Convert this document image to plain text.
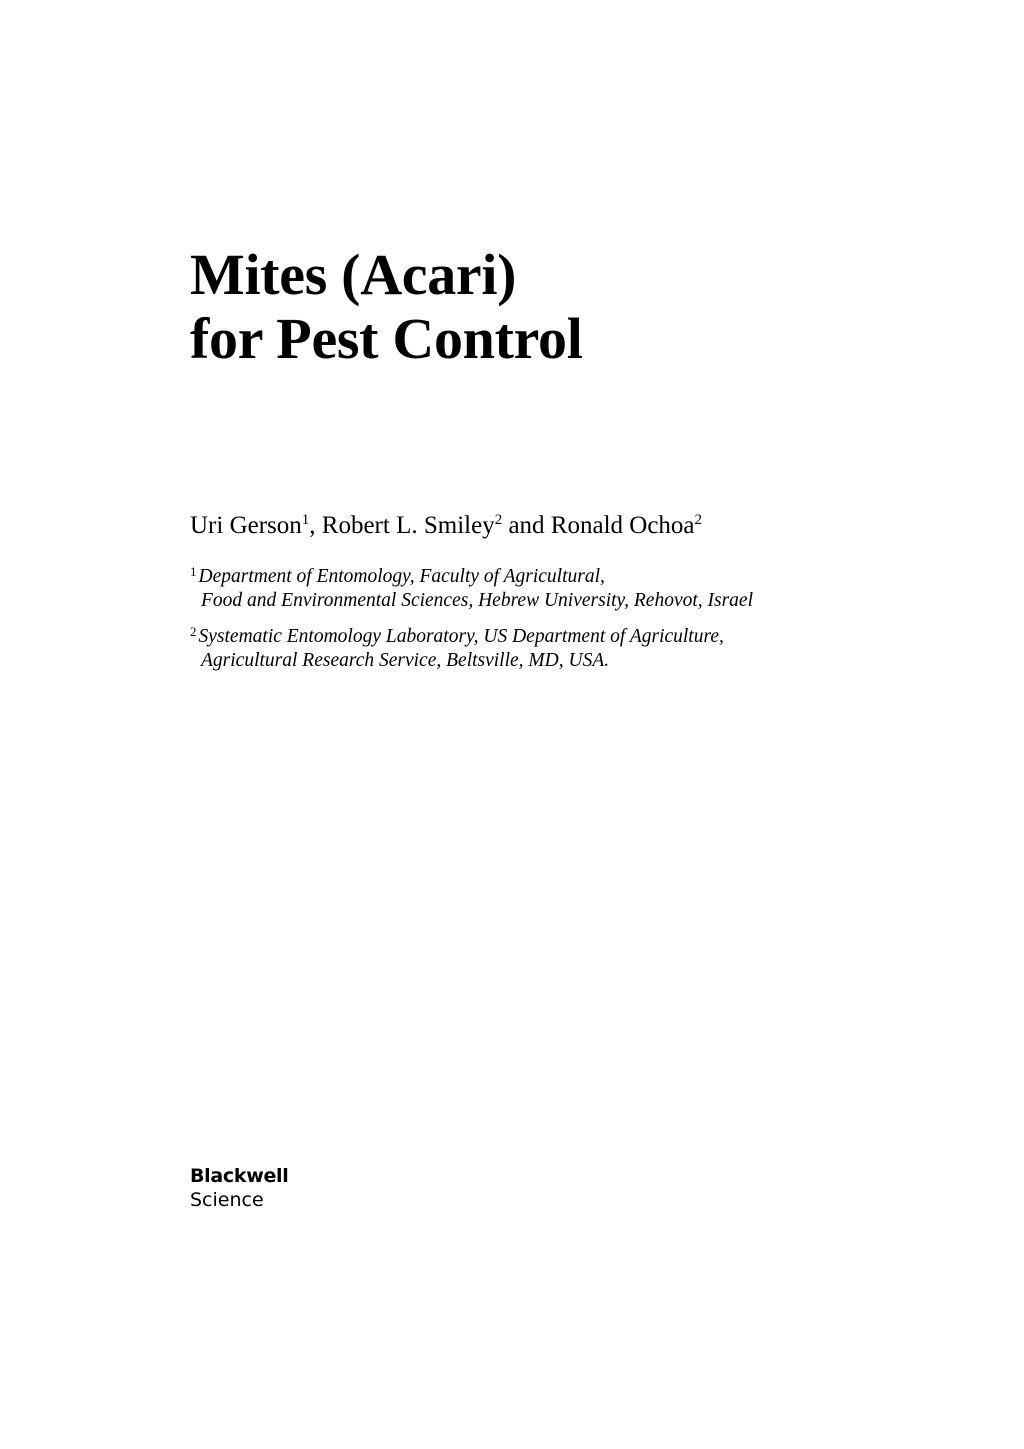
Mites (Acari)
for Pest Control

Uri Gerson$^1$, Robert L. Smiley$^2$ and Ronald Ochoa$^2$

$^1$ Department of Entomology, Faculty of Agricultural,
Food and Environmental Sciences, Hebrew University, Rehovot, Israel

$^2$ Systematic Entomology Laboratory, US Department of Agriculture,
Agricultural Research Service, Beltsville, MD, USA.

Blackwell
Science
